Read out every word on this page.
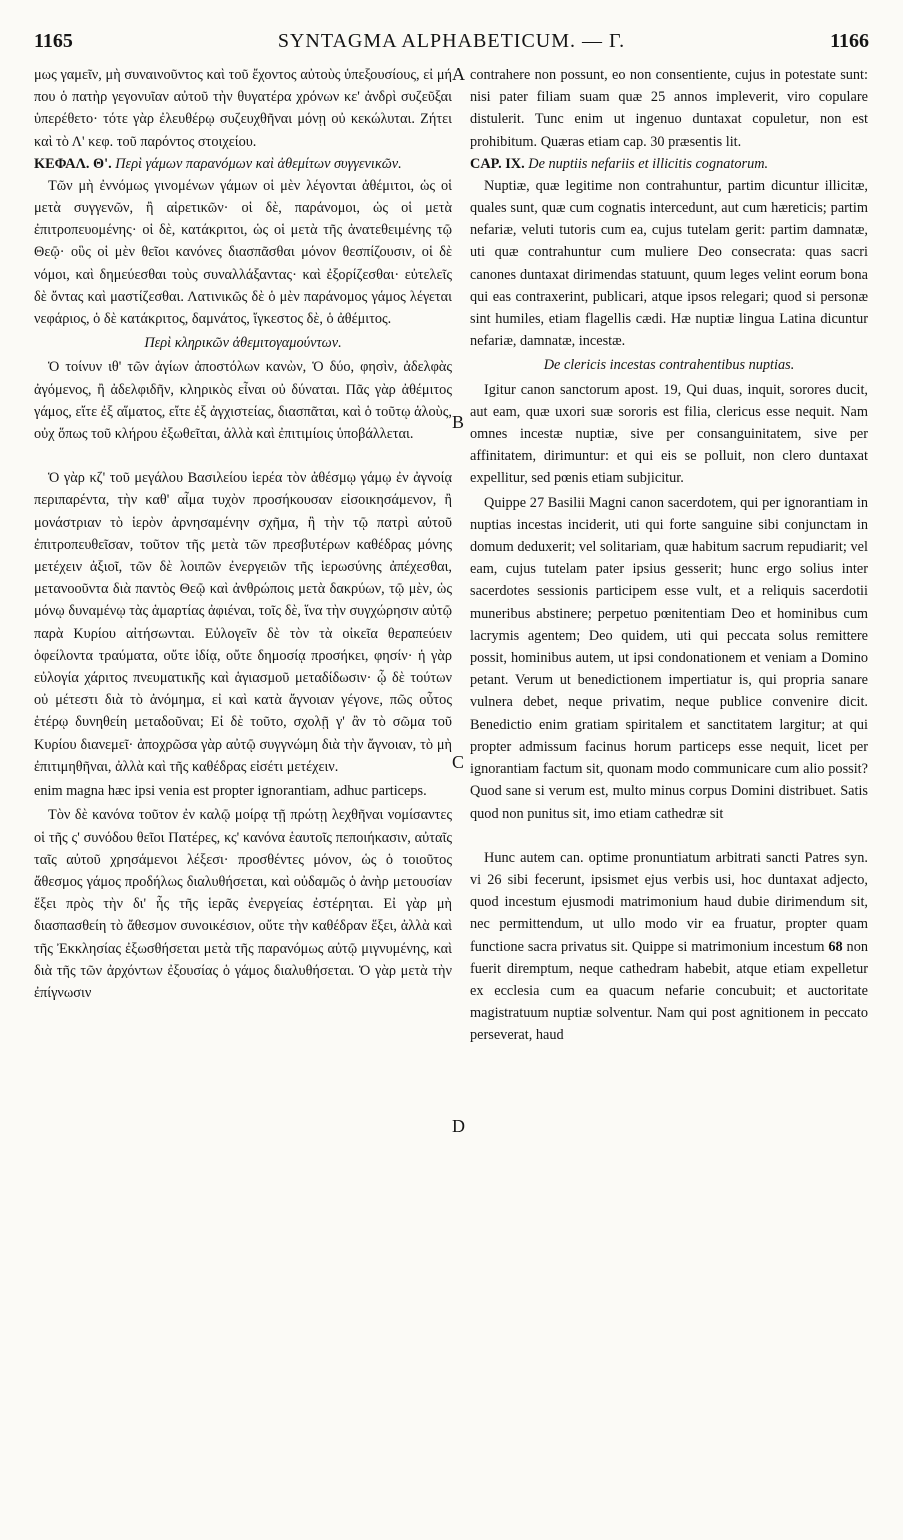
1165	SYNTAGMA ALPHABETICUM. — Γ.	1166
A
B
C
D

μως γαμεῖν, μὴ συναινοῦντος καὶ τοῦ ἔχοντος αὐτοὺς ὑπεξουσίους, εἰ μή που ὁ πατὴρ γεγονυῖαν αὐτοῦ τὴν θυγατέρα χρόνων κε' ἀνδρὶ συζεῦξαι ὑπερέθετο· τότε γὰρ ἐλευθέρῳ συζευχθῆναι μόνῃ οὐ κεκώλυται. Ζήτει καὶ τὸ Λ' κεφ. τοῦ παρόντος στοιχείου.

ΚΕΦΑΛ. Θ'. Περὶ γάμων παρανόμων καὶ ἀθεμίτων συγγενικῶν.

Τῶν μὴ ἐννόμως γινομένων γάμων οἱ μὲν λέγονται ἀθέμιτοι, ὡς οἱ μετὰ συγγενῶν, ἢ αἱρετικῶν· οἱ δὲ, παράνομοι, ὡς οἱ μετὰ ἐπιτροπευομένης· οἱ δὲ, κατάκριτοι, ὡς οἱ μετὰ τῆς ἀνατεθειμένης τῷ Θεῷ· οὓς οἱ μὲν θεῖοι κανόνες διασπᾶσθαι μόνον θεσπίζουσιν, οἱ δὲ νόμοι, καὶ δημεύεσθαι τοὺς συναλλάξαντας· καὶ ἐξορίζεσθαι· εὐτελεῖς δὲ ὄντας καὶ μαστίζεσθαι. Λατινικῶς δὲ ὁ μὲν παράνομος γάμος λέγεται νεφάριος, ὁ δὲ κατάκριτος, δαμνάτος, ἴγκεστος δὲ, ὁ ἀθέμιτος.

Περὶ κληρικῶν ἀθεμιτογαμούντων.

Ὁ τοίνυν ιθ' τῶν ἁγίων ἀποστόλων κανὼν, Ὁ δύο, φησὶν, ἀδελφὰς ἀγόμενος, ἢ ἀδελφιδῆν, κληρικὸς εἶναι οὐ δύναται. Πᾶς γὰρ ἀθέμιτος γάμος, εἴτε ἐξ αἵματος, εἴτε ἐξ ἀγχιστείας, διασπᾶται, καὶ ὁ τοῦτῳ ἁλοὺς, οὐχ ὅπως τοῦ κλήρου ἐξωθεῖται, ἀλλὰ καὶ ἐπιτιμίοις ὑποβάλλεται.

Ὁ γὰρ κζ' τοῦ μεγάλου Βασιλείου ἱερέα τὸν ἀθέσμῳ γάμῳ ἐν ἀγνοίᾳ περιπαρέντα, τὴν καθ' αἷμα τυχὸν προσήκουσαν εἰσοικησάμενον, ἢ μονάστριαν τὸ ἱερὸν ἀρνησαμένην σχῆμα, ἢ τὴν τῷ πατρὶ αὐτοῦ ἐπιτροπευθεῖσαν, τοῦτον τῆς μετὰ τῶν πρεσβυτέρων καθέδρας μόνης μετέχειν ἀξιοῖ, τῶν δὲ λοιπῶν ἐνεργειῶν τῆς ἱερωσύνης ἀπέχεσθαι, μετανοοῦντα διὰ παντὸς Θεῷ καὶ ἀνθρώποις μετὰ δακρύων, τῷ μὲν, ὡς μόνῳ δυναμένῳ τὰς ἁμαρτίας ἀφιέναι, τοῖς δὲ, ἵνα τὴν συγχώρησιν αὐτῷ παρὰ Κυρίου αἰτήσωνται. Εὐλογεῖν δὲ τὸν τὰ οἰκεῖα θεραπεύειν ὀφείλοντα τραύματα, οὔτε ἰδίᾳ, οὔτε δημοσίᾳ προσήκει, φησίν· ἡ γὰρ εὐλογία χάριτος πνευματικῆς καὶ ἁγιασμοῦ μεταδίδωσιν· ᾧ δὲ τούτων οὐ μέτεστι διὰ τὸ ἀνόμημα, εἰ καὶ κατὰ ἄγνοιαν γέγονε, πῶς οὗτος ἑτέρῳ δυνηθείη μεταδοῦναι; Εἰ δὲ τοῦτο, σχολῇ γ' ἂν τὸ σῶμα τοῦ Κυρίου διανεμεῖ· ἀποχρῶσα γὰρ αὐτῷ συγγνώμη διὰ τὴν ἄγνοιαν, τὸ μὴ ἐπιτιμηθῆναι, ἀλλὰ καὶ τῆς καθέδρας εἰσέτι μετέχειν.

enim magna hæc ipsi venia est propter ignorantiam, adhuc particeps.

Τὸν δὲ κανόνα τοῦτον ἐν καλῷ μοίρᾳ τῇ πρώτῃ λεχθῆναι νομίσαντες οἱ τῆς ς' συνόδου θεῖοι Πατέρες, κς' κανόνα ἑαυτοῖς πεποιήκασιν, αὐταῖς ταῖς αὐτοῦ χρησάμενοι λέξεσι· προσθέντες μόνον, ὡς ὁ τοιοῦτος ἄθεσμος γάμος προδήλως διαλυθήσεται, καὶ οὐδαμῶς ὁ ἀνὴρ μετουσίαν ἕξει πρὸς τὴν δι' ἧς τῆς ἱερᾶς ἐνεργείας ἐστέρηται. Εἰ γὰρ μὴ διασπασθείη τὸ ἄθεσμον συνοικέσιον, οὔτε τὴν καθέδραν ἕξει, ἀλλὰ καὶ τῆς Ἐκκλησίας ἐξωσθήσεται μετὰ τῆς παρανόμως αὐτῷ μιγνυμένης, καὶ διὰ τῆς τῶν ἀρχόντων ἐξουσίας ὁ γάμος διαλυθήσεται. Ὁ γὰρ μετὰ τὴν ἐπίγνωσιν

contrahere non possunt, eo non consentiente, cujus in potestate sunt: nisi pater filiam suam quæ 25 annos impleverit, viro copulare distulerit. Tunc enim ut ingenuo duntaxat copuletur, non est prohibitum. Quæras etiam cap. 30 præsentis lit.

CAP. IX. De nuptiis nefariis et illicitis cognatorum.

Nuptiæ, quæ legitime non contrahuntur, partim dicuntur illicitæ, quales sunt, quæ cum cognatis intercedunt, aut cum hæreticis; partim nefariæ, veluti tutoris cum ea, cujus tutelam gerit: partim damnatæ, uti quæ contrahuntur cum muliere Deo consecrata: quas sacri canones duntaxat dirimendas statuunt, quum leges velint eorum bona qui eas contraxerint, publicari, atque ipsos relegari; quod si personæ sint humiles, etiam flagellis cædi. Hæ nuptiæ lingua Latina dicuntur nefariæ, damnatæ, incestæ.

De clericis incestas contrahentibus nuptias.

Igitur canon sanctorum apost. 19, Qui duas, inquit, sorores ducit, aut eam, quæ uxori suæ sororis est filia, clericus esse nequit. Nam omnes incestæ nuptiæ, sive per consanguinitatem, sive per affinitatem, dirimuntur: et qui eis se polluit, non clero duntaxat expellitur, sed pœnis etiam subjicitur.

Quippe 27 Basilii Magni canon sacerdotem, qui per ignorantiam in nuptias incestas inciderit, uti qui forte sanguine sibi conjunctam in domum deduxerit; vel solitariam, quæ habitum sacrum repudiarit; vel eam, cujus tutelam pater ipsius gesserit; hunc ergo solius inter sacerdotes sessionis participem esse vult, et a reliquis sacerdotii muneribus abstinere; perpetuo pœnitentiam Deo et hominibus cum lacrymis agentem; Deo quidem, uti qui peccata solus remittere possit, hominibus autem, ut ipsi condonationem et veniam a Domino petant. Verum ut benedictionem impertiatur is, qui propria sanare vulnera debet, neque privatim, neque publice convenire dicit. Benedictio enim gratiam spiritalem et sanctitatem largitur; at qui propter admissum facinus horum particeps esse nequit, licet per ignorantiam factum sit, quonam modo communicare cum alio possit? Quod sane si verum est, multo minus corpus Domini distribuet. Satis quod non punitus sit, imo etiam cathedræ sit

Hunc autem can. optime pronuntiatum arbitrati sancti Patres syn. vi 26 sibi fecerunt, ipsismet ejus verbis usi, hoc duntaxat adjecto, quod incestum ejusmodi matrimonium haud dubie dirimendum sit, nec permittendum, ut ullo modo vir ea fruatur, propter quam functione sacra privatus sit. Quippe si matrimonium incestum 68 non fuerit diremptum, neque cathedram habebit, atque etiam expelletur ex ecclesia cum ea quacum nefarie concubuit; et auctoritate magistratuum nuptiæ solventur. Nam qui post agnitionem in peccato perseverat, haud
